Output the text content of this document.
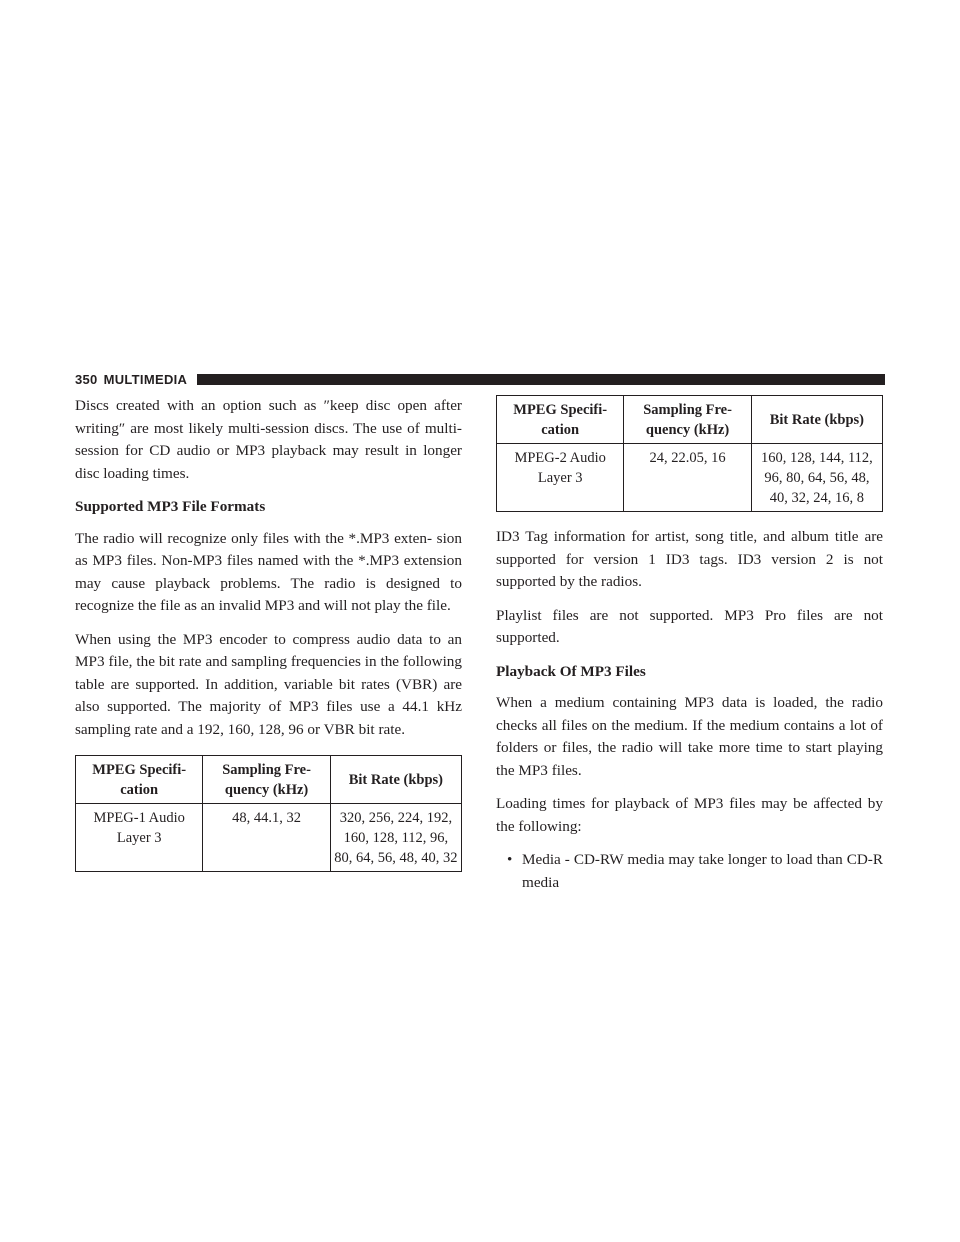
350 MULTIMEDIA

Discs created with an option such as ″keep disc open after writing″ are most likely multi-session discs. The use of multi-session for CD audio or MP3 playback may result in longer disc loading times.

Supported MP3 File Formats

The radio will recognize only files with the *.MP3 exten- sion as MP3 files. Non-MP3 files named with the *.MP3 extension may cause playback problems. The radio is designed to recognize the file as an invalid MP3 and will not play the file.

When using the MP3 encoder to compress audio data to an MP3 file, the bit rate and sampling frequencies in the following table are supported. In addition, variable bit rates (VBR) are also supported. The majority of MP3 files use a 44.1 kHz sampling rate and a 192, 160, 128, 96 or VBR bit rate.

MPEG Specifi- cation	Sampling Fre- quency (kHz)	Bit Rate (kbps)
MPEG-1 Audio Layer 3	48, 44.1, 32	320, 256, 224, 192, 160, 128, 112, 96, 80, 64, 56, 48, 40, 32
MPEG Specifi- cation	Sampling Fre- quency (kHz)	Bit Rate (kbps)
MPEG-2 Audio Layer 3	24, 22.05, 16	160, 128, 144, 112, 96, 80, 64, 56, 48, 40, 32, 24, 16, 8

ID3 Tag information for artist, song title, and album title are supported for version 1 ID3 tags. ID3 version 2 is not supported by the radios.

Playlist files are not supported. MP3 Pro files are not supported.

Playback Of MP3 Files

When a medium containing MP3 data is loaded, the radio checks all files on the medium. If the medium contains a lot of folders or files, the radio will take more time to start playing the MP3 files.

Loading times for playback of MP3 files may be affected by the following:

• Media - CD-RW media may take longer to load than CD-R media
